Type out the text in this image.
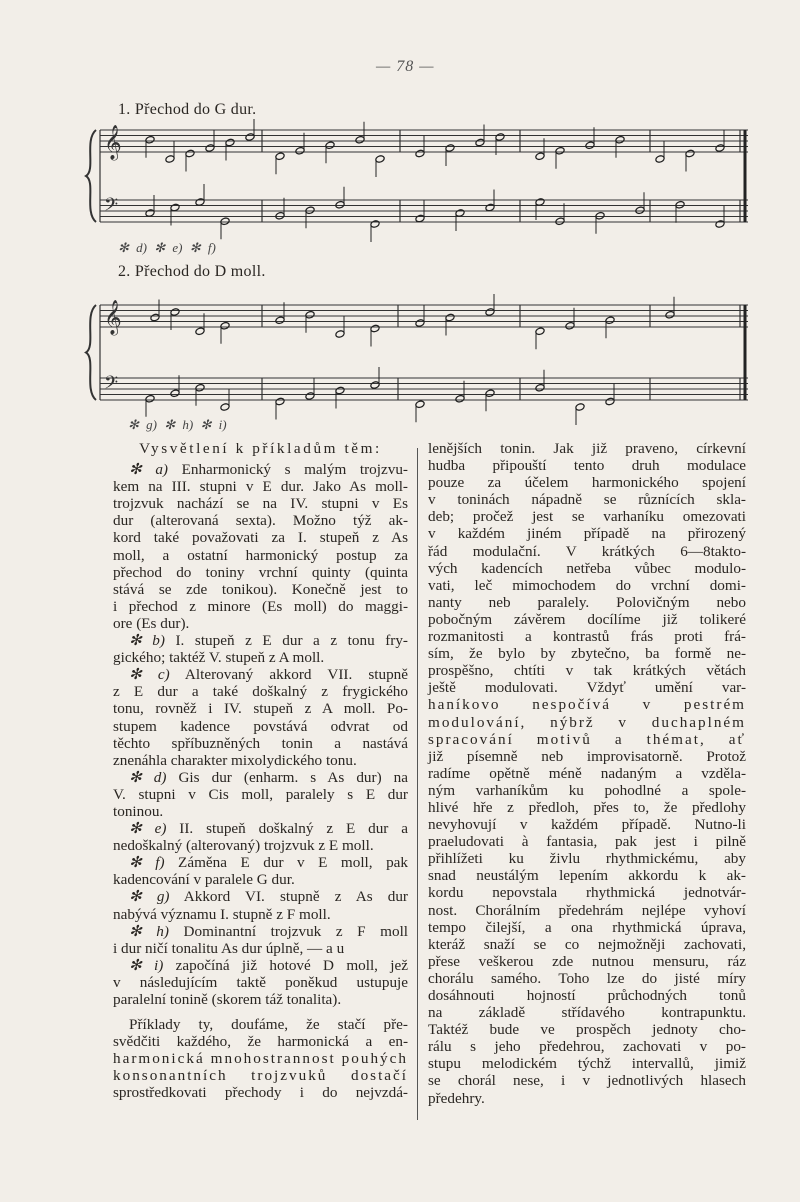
— 78 —
1. Přechod do G dur.
✻ d) ✻ e) ✻ f)
2. Přechod do D moll.
✻ g) ✻ h) ✻ i)
𝄞
𝄢
𝄞
𝄢
Vysvětlení k příkladům těm:
✻ a) Enharmonický s malým trojzvu-
kem na III. stupni v E dur. Jako As moll-
trojzvuk nachází se na IV. stupni v Es
dur (alterovaná sexta). Možno týž ak-
kord také považovati za I. stupeň z As
moll, a ostatní harmonický postup za
přechod do toniny vrchní quinty (quinta
stává se zde tonikou). Konečně jest to
i přechod z minore (Es moll) do maggi-
ore (Es dur).
✻ b) I. stupeň z E dur a z tonu fry-
gického; taktéž V. stupeň z A moll.
✻ c) Alterovaný akkord VII. stupně
z E dur a také doškalný z frygického
tonu, rovněž i IV. stupeň z A moll. Po-
stupem kadence povstává odvrat od
těchto spříbuzněných tonin a nastává
znenáhla charakter mixolydického tonu.
✻ d) Gis dur (enharm. s As dur) na
V. stupni v Cis moll, paralely s E dur
toninou.
✻ e) II. stupeň doškalný z E dur a
nedoškalný (alterovaný) trojzvuk z E moll.
✻ f) Záměna E dur v E moll, pak
kadencování v paralele G dur.
✻ g) Akkord VI. stupně z As dur
nabývá významu I. stupně z F moll.
✻ h) Dominantní trojzvuk z F moll
i dur ničí tonalitu As dur úplně, — a u
✻ i) započíná již hotové D moll, jež
v následujícím taktě poněkud ustupuje
paralelní tonině (skorem táž tonalita).
Příklady ty, doufáme, že stačí pře-
svědčiti každého, že harmonická a en-
harmonická mnohostrannost pouhých
konsonantních trojzvuků dostačí
sprostředkovati přechody i do nejvzdá-
lenějších tonin. Jak již praveno, církevní
hudba připouští tento druh modulace
pouze za účelem harmonického spojení
v toninách nápadně se různících skla-
deb; pročež jest se varhaníku omezovati
v každém jiném případě na přirozený
řád modulační. V krátkých 6—8takto-
vých kadencích netřeba vůbec modulo-
vati, leč mimochodem do vrchní domi-
nanty neb paralely. Polovičným nebo
pobočným závěrem docílíme již tolikeré
rozmanitosti a kontrastů frás proti frá-
sím, že bylo by zbytečno, ba formě ne-
prospěšno, chtíti v tak krátkých větách
ještě modulovati. Vždyť umění var-
haníkovo nespočívá v pestrém
modulování, nýbrž v duchaplném
spracování motivů a thémat, ať
již písemně neb improvisatorně. Protož
radíme opětně méně nadaným a vzděla-
ným varhaníkům ku pohodlné a spole-
hlivé hře z předloh, přes to, že předlohy
nevyhovují v každém případě. Nutno-li
praeludovati à fantasia, pak jest i pilně
přihlížeti ku živlu rhythmickému, aby
snad neustálým lepením akkordu k ak-
kordu nepovstala rhythmická jednotvár-
nost. Chorálním předehrám nejlépe vyhoví
tempo čilejší, a ona rhythmická úprava,
kteráž snaží se co nejmožněji zachovati,
přese veškerou zde nutnou mensuru, ráz
chorálu samého. Toho lze do jisté míry
dosáhnouti hojností průchodných tonů
na základě střídavého kontrapunktu.
Taktéž bude ve prospěch jednoty cho-
rálu s jeho předehrou, zachovati v po-
stupu melodickém týchž intervallů, jimiž
se chorál nese, i v jednotlivých hlasech
předehry.
